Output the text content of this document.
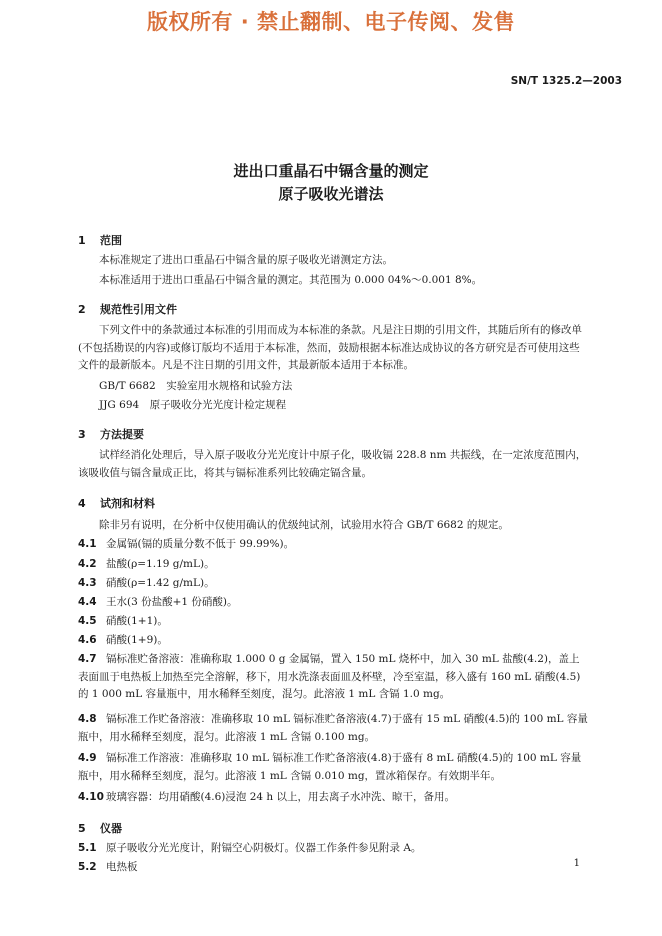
版权所有 · 禁止翻制、电子传阅、发售
SN/T 1325.2—2003
进出口重晶石中镉含量的测定
原子吸收光谱法
1 范围
本标准规定了进出口重晶石中镉含量的原子吸收光谱测定方法。
本标准适用于进出口重晶石中镉含量的测定。其范围为 0.000 04%～0.001 8%。
2 规范性引用文件
下列文件中的条款通过本标准的引用而成为本标准的条款。凡是注日期的引用文件，其随后所有的修改单(不包括勘误的内容)或修订版均不适用于本标准，然而，鼓励根据本标准达成协议的各方研究是否可使用这些文件的最新版本。凡是不注日期的引用文件，其最新版本适用于本标准。
GB/T 6682　实验室用水规格和试验方法
JJG 694　原子吸收分光光度计检定规程
3 方法提要
试样经消化处理后，导入原子吸收分光光度计中原子化，吸收镉 228.8 nm 共振线，在一定浓度范围内，该吸收值与镉含量成正比，将其与镉标准系列比较确定镉含量。
4 试剂和材料
除非另有说明，在分析中仅使用确认的优级纯试剂，试验用水符合 GB/T 6682 的规定。
4.1 金属镉(镉的质量分数不低于 99.99%)。
4.2 盐酸(ρ=1.19 g/mL)。
4.3 硝酸(ρ=1.42 g/mL)。
4.4 王水(3 份盐酸+1 份硝酸)。
4.5 硝酸(1+1)。
4.6 硝酸(1+9)。
4.7 镉标准贮备溶液：准确称取 1.000 0 g 金属镉，置入 150 mL 烧杯中，加入 30 mL 盐酸(4.2)，盖上表面皿于电热板上加热至完全溶解，移下，用水洗涤表面皿及杯壁，冷至室温，移入盛有 160 mL 硝酸(4.5)的 1 000 mL 容量瓶中，用水稀释至刻度，混匀。此溶液 1 mL 含镉 1.0 mg。
4.8 镉标准工作贮备溶液：准确移取 10 mL 镉标准贮备溶液(4.7)于盛有 15 mL 硝酸(4.5)的 100 mL 容量瓶中，用水稀释至刻度，混匀。此溶液 1 mL 含镉 0.100 mg。
4.9 镉标准工作溶液：准确移取 10 mL 镉标准工作贮备溶液(4.8)于盛有 8 mL 硝酸(4.5)的 100 mL 容量瓶中，用水稀释至刻度，混匀。此溶液 1 mL 含镉 0.010 mg，置冰箱保存。有效期半年。
4.10 玻璃容器：均用硝酸(4.6)浸泡 24 h 以上，用去离子水冲洗、晾干，备用。
5 仪器
5.1 原子吸收分光光度计，附镉空心阴极灯。仪器工作条件参见附录 A。
5.2 电热板	1
